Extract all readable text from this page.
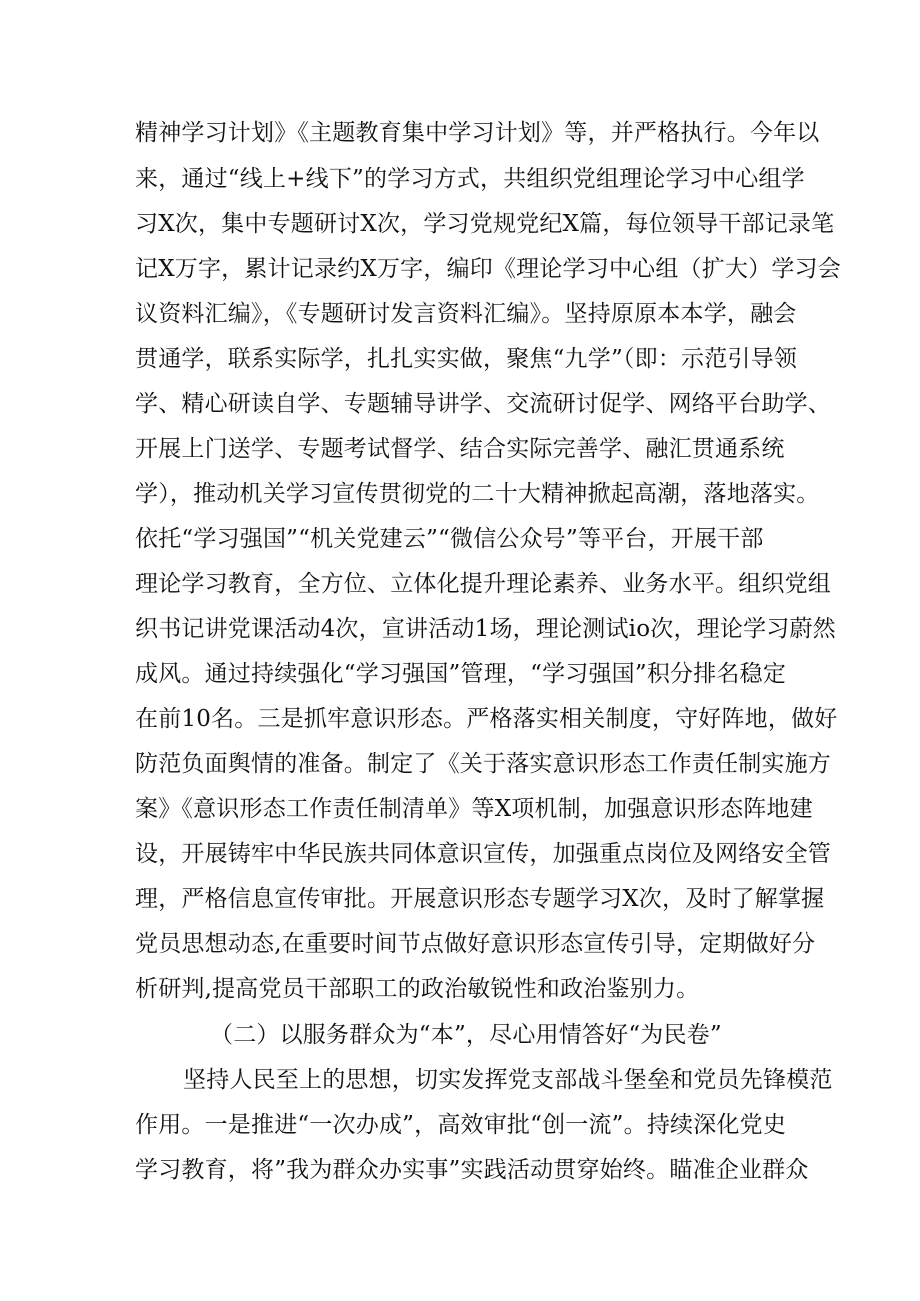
精神学习计划》《主题教育集中学习计划》等，并严格执行。今年以
来，通过“线上+线下”的学习方式，共组织党组理论学习中心组学
习X次，集中专题研讨X次，学习党规党纪X篇，每位领导干部记录笔
记X万字，累计记录约X万字，编印《理论学习中心组（扩大）学习会
议资料汇编》，《专题研讨发言资料汇编》。坚持原原本本学，融会
贯通学，联系实际学，扎扎实实做，聚焦“九学”（即：示范引导领
学、精心研读自学、专题辅导讲学、交流研讨促学、网络平台助学、
开展上门送学、专题考试督学、结合实际完善学、融汇贯通系统
学），推动机关学习宣传贯彻党的二十大精神掀起高潮，落地落实。
依托“学习强国”“机关党建云”“微信公众号”等平台，开展干部
理论学习教育，全方位、立体化提升理论素养、业务水平。组织党组
织书记讲党课活动4次，宣讲活动1场，理论测试io次，理论学习蔚然
成风。通过持续强化“学习强国”管理，“学习强国”积分排名稳定
在前10名。三是抓牢意识形态。严格落实相关制度，守好阵地，做好
防范负面舆情的准备。制定了《关于落实意识形态工作责任制实施方
案》《意识形态工作责任制清单》等X项机制，加强意识形态阵地建
设，开展铸牢中华民族共同体意识宣传，加强重点岗位及网络安全管
理，严格信息宣传审批。开展意识形态专题学习X次，及时了解掌握
党员思想动态,在重要时间节点做好意识形态宣传引导，定期做好分
析研判,提高党员干部职工的政治敏锐性和政治鉴别力。
（二）以服务群众为“本”，尽心用情答好“为民卷”
坚持人民至上的思想，切实发挥党支部战斗堡垒和党员先锋模范
作用。一是推进“一次办成”，高效审批“创一流”。持续深化党史
学习教育，将”我为群众办实事”实践活动贯穿始终。瞄准企业群众
